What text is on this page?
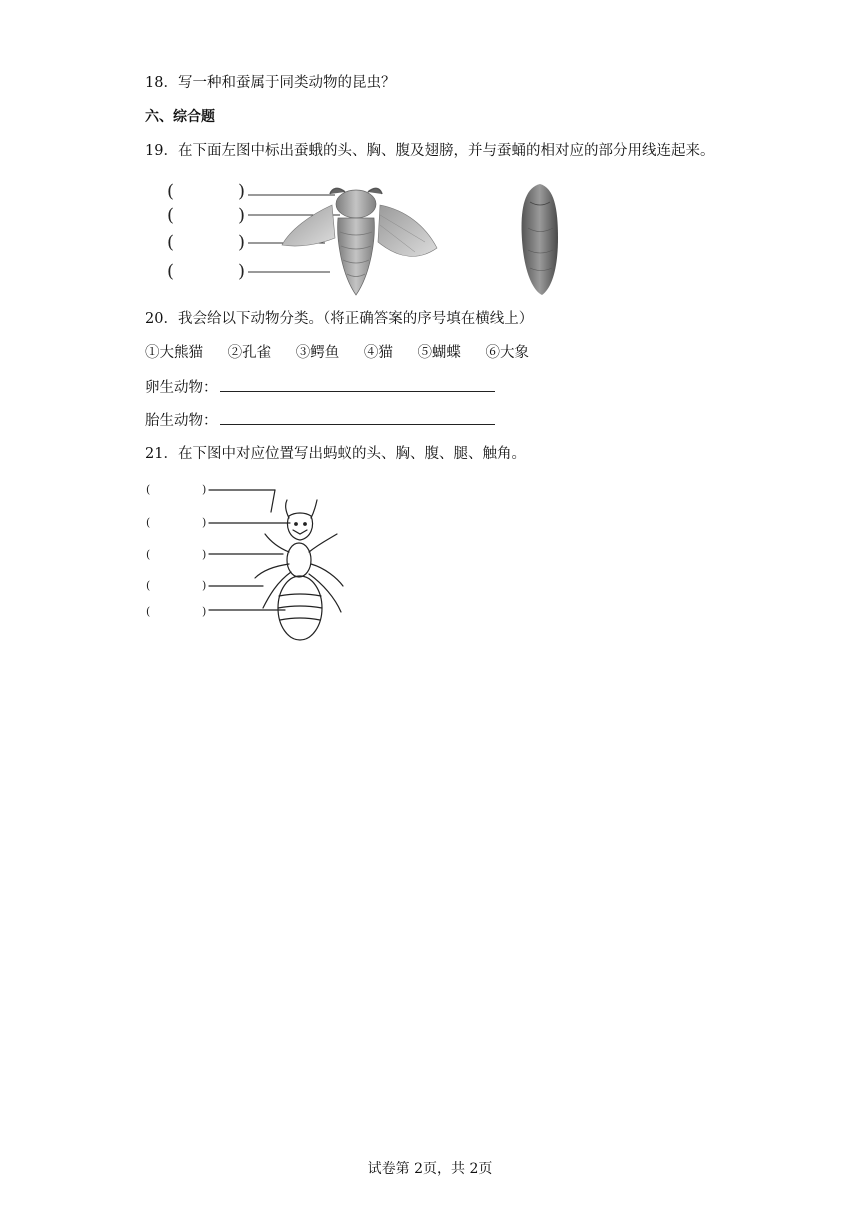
18．写一种和蚕属于同类动物的昆虫？
六、综合题
19．在下面左图中标出蚕蛾的头、胸、腹及翅膀，并与蚕蛹的相对应的部分用线连起来。
(	)
(	)
(	)
(	)
20．我会给以下动物分类。（将正确答案的序号填在横线上）
①大熊猫 ②孔雀 ③鳄鱼 ④猫 ⑤蝴蝶 ⑥大象
卵生动物：
胎生动物：
21．在下图中对应位置写出蚂蚁的头、胸、腹、腿、触角。
(	)
(	)
(	)
(	)
(	)
试卷第 2页，共 2页
